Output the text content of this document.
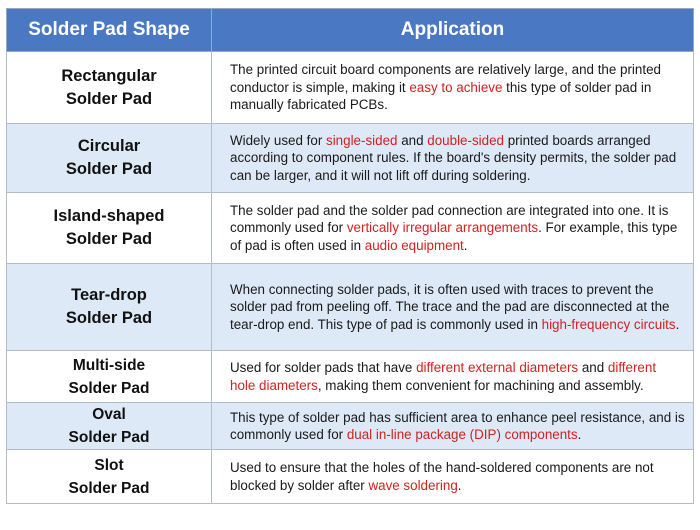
Solder Pad Shape	Application

Rectangular
Solder Pad	The printed circuit board components are relatively large, and the printed conductor is simple, making it easy to achieve this type of solder pad in manually fabricated PCBs.

Circular
Solder Pad	Widely used for single-sided and double-sided printed boards arranged according to component rules. If the board's density permits, the solder pad can be larger, and it will not lift off during soldering.

Island-shaped
Solder Pad	The solder pad and the solder pad connection are integrated into one. It is commonly used for vertically irregular arrangements. For example, this type of pad is often used in audio equipment.

Tear-drop
Solder Pad	When connecting solder pads, it is often used with traces to prevent the solder pad from peeling off. The trace and the pad are disconnected at the tear-drop end. This type of pad is commonly used in high-frequency circuits.

Multi-side
Solder Pad	Used for solder pads that have different external diameters and different hole diameters, making them convenient for machining and assembly.

Oval
Solder Pad	This type of solder pad has sufficient area to enhance peel resistance, and is commonly used for dual in-line package (DIP) components.

Slot
Solder Pad	Used to ensure that the holes of the hand-soldered components are not blocked by solder after wave soldering.
